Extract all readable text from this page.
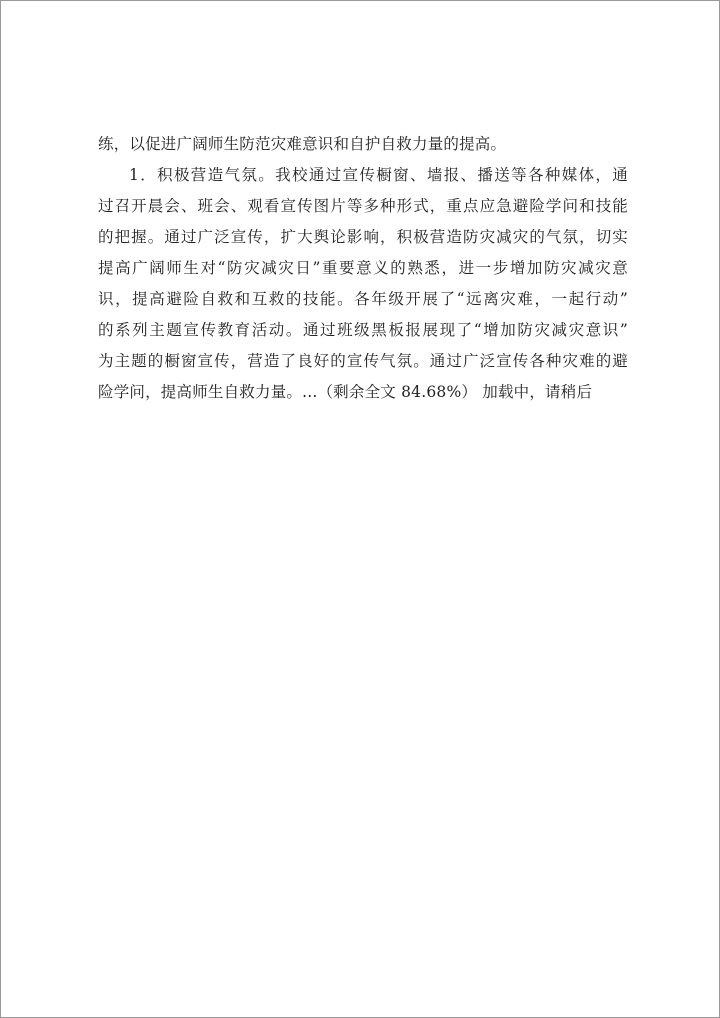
练，以促进广阔师生防范灾难意识和自护自救力量的提高。
1．积极营造气氛。我校通过宣传橱窗、墙报、播送等各种媒体，通
过召开晨会、班会、观看宣传图片等多种形式，重点应急避险学问和技能
的把握。通过广泛宣传，扩大舆论影响，积极营造防灾减灾的气氛，切实
提高广阔师生对“防灾减灾日”重要意义的熟悉，进一步增加防灾减灾意
识，提高避险自救和互救的技能。各年级开展了“远离灾难，一起行动”
的系列主题宣传教育活动。通过班级黑板报展现了“增加防灾减灾意识”
为主题的橱窗宣传，营造了良好的宣传气氛。通过广泛宣传各种灾难的避
险学问，提高师生自救力量。...（剩余全文 84.68%） 加载中，请稍后
